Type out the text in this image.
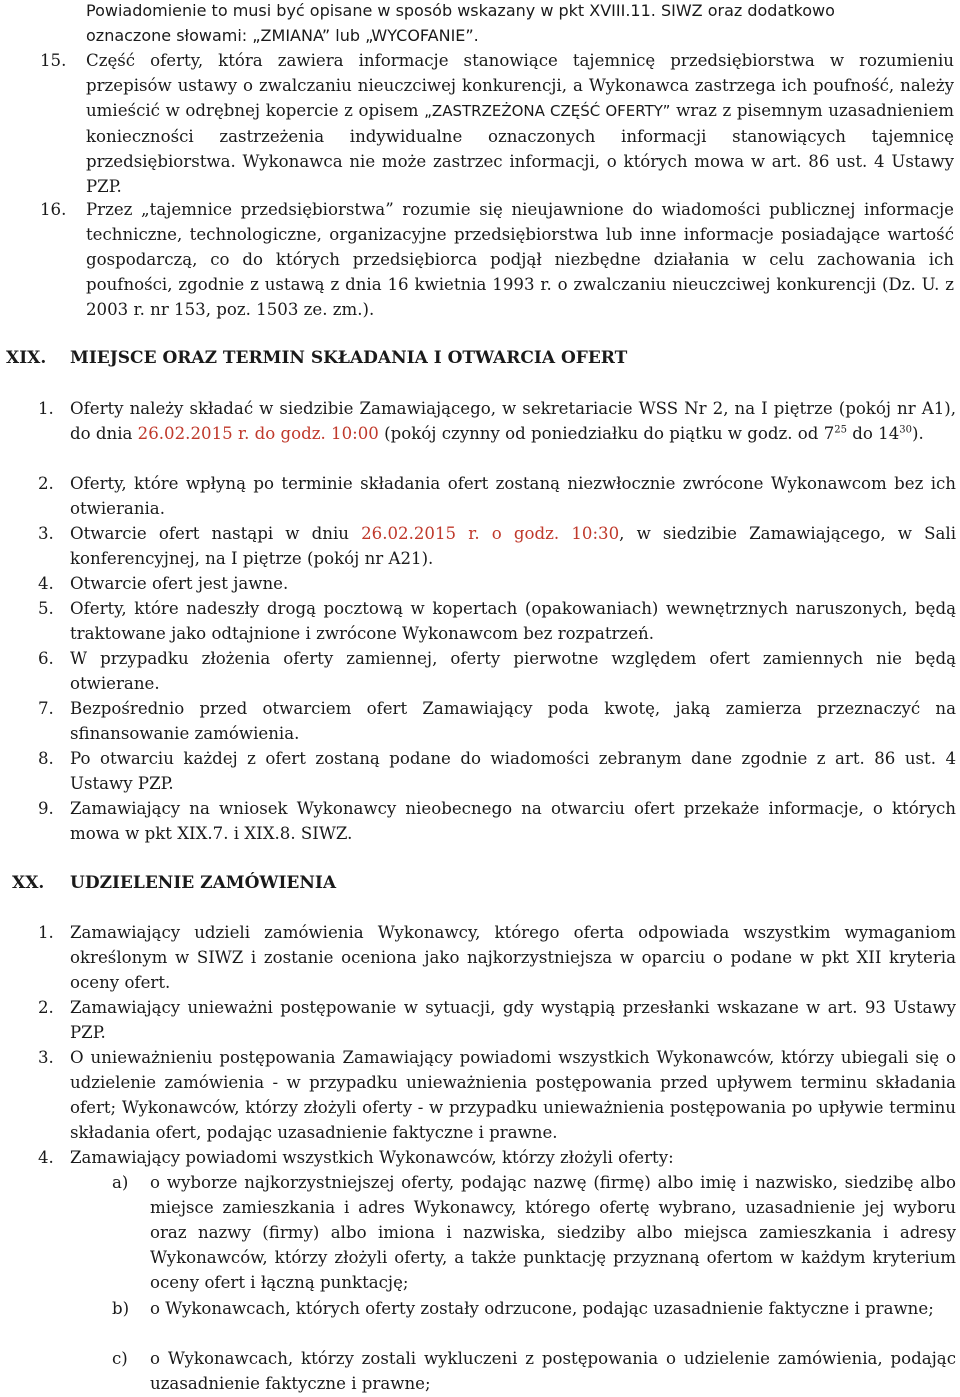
Powiadomienie to musi być opisane w sposób wskazany w pkt XVIII.11. SIWZ oraz dodatkowo
oznaczone słowami: „ZMIANA” lub „WYCOFANIE”.
15. Część oferty, która zawiera informacje stanowiące tajemnicę przedsiębiorstwa w rozumieniu przepisów ustawy o zwalczaniu nieuczciwej konkurencji, a Wykonawca zastrzega ich poufność, należy umieścić w odrębnej kopercie z opisem „ZASTRZEŻONA CZĘŚĆ OFERTY” wraz z pisemnym uzasadnieniem konieczności zastrzeżenia indywidualne oznaczonych informacji stanowiących tajemnicę przedsiębiorstwa. Wykonawca nie może zastrzec informacji, o których mowa w art. 86 ust. 4 Ustawy PZP.
16. Przez „tajemnice przedsiębiorstwa” rozumie się nieujawnione do wiadomości publicznej informacje techniczne, technologiczne, organizacyjne przedsiębiorstwa lub inne informacje posiadające wartość gospodarczą, co do których przedsiębiorca podjął niezbędne działania w celu zachowania ich poufności, zgodnie z ustawą z dnia 16 kwietnia 1993 r. o zwalczaniu nieuczciwej konkurencji (Dz. U. z 2003 r. nr 153, poz. 1503 ze. zm.).
XIX. MIEJSCE ORAZ TERMIN SKŁADANIA I OTWARCIA OFERT
1. Oferty należy składać w siedzibie Zamawiającego, w sekretariacie WSS Nr 2, na I piętrze (pokój nr A1), do dnia 26.02.2015 r. do godz. 10:00 (pokój czynny od poniedziałku do piątku w godz. od $7^{25}$ do $14^{30}$).
2. Oferty, które wpłyną po terminie składania ofert zostaną niezwłocznie zwrócone Wykonawcom bez ich otwierania.
3. Otwarcie ofert nastąpi w dniu 26.02.2015 r. o godz. 10:30, w siedzibie Zamawiającego, w Sali konferencyjnej, na I piętrze (pokój nr A21).
4. Otwarcie ofert jest jawne.
5. Oferty, które nadeszły drogą pocztową w kopertach (opakowaniach) wewnętrznych naruszonych, będą traktowane jako odtajnione i zwrócone Wykonawcom bez rozpatrzeń.
6. W przypadku złożenia oferty zamiennej, oferty pierwotne względem ofert zamiennych nie będą otwierane.
7. Bezpośrednio przed otwarciem ofert Zamawiający poda kwotę, jaką zamierza przeznaczyć na sfinansowanie zamówienia.
8. Po otwarciu każdej z ofert zostaną podane do wiadomości zebranym dane zgodnie z art. 86 ust. 4 Ustawy PZP.
9. Zamawiający na wniosek Wykonawcy nieobecnego na otwarciu ofert przekaże informacje, o których mowa w pkt XIX.7. i XIX.8. SIWZ.
XX. UDZIELENIE ZAMÓWIENIA
1. Zamawiający udzieli zamówienia Wykonawcy, którego oferta odpowiada wszystkim wymaganiom określonym w SIWZ i zostanie oceniona jako najkorzystniejsza w oparciu o podane w pkt XII kryteria oceny ofert.
2. Zamawiający unieważni postępowanie w sytuacji, gdy wystąpią przesłanki wskazane w art. 93 Ustawy PZP.
3. O unieważnieniu postępowania Zamawiający powiadomi wszystkich Wykonawców, którzy ubiegali się o udzielenie zamówienia - w przypadku unieważnienia postępowania przed upływem terminu składania ofert; Wykonawców, którzy złożyli oferty - w przypadku unieważnienia postępowania po upływie terminu składania ofert, podając uzasadnienie faktyczne i prawne.
4. Zamawiający powiadomi wszystkich Wykonawców, którzy złożyli oferty:
a) o wyborze najkorzystniejszej oferty, podając nazwę (firmę) albo imię i nazwisko, siedzibę albo miejsce zamieszkania i adres Wykonawcy, którego ofertę wybrano, uzasadnienie jej wyboru oraz nazwy (firmy) albo imiona i nazwiska, siedziby albo miejsca zamieszkania i adresy Wykonawców, którzy złożyli oferty, a także punktację przyznaną ofertom w każdym kryterium oceny ofert i łączną punktację;
b) o Wykonawcach, których oferty zostały odrzucone, podając uzasadnienie faktyczne i prawne;
c) o Wykonawcach, którzy zostali wykluczeni z postępowania o udzielenie zamówienia, podając uzasadnienie faktyczne i prawne;
